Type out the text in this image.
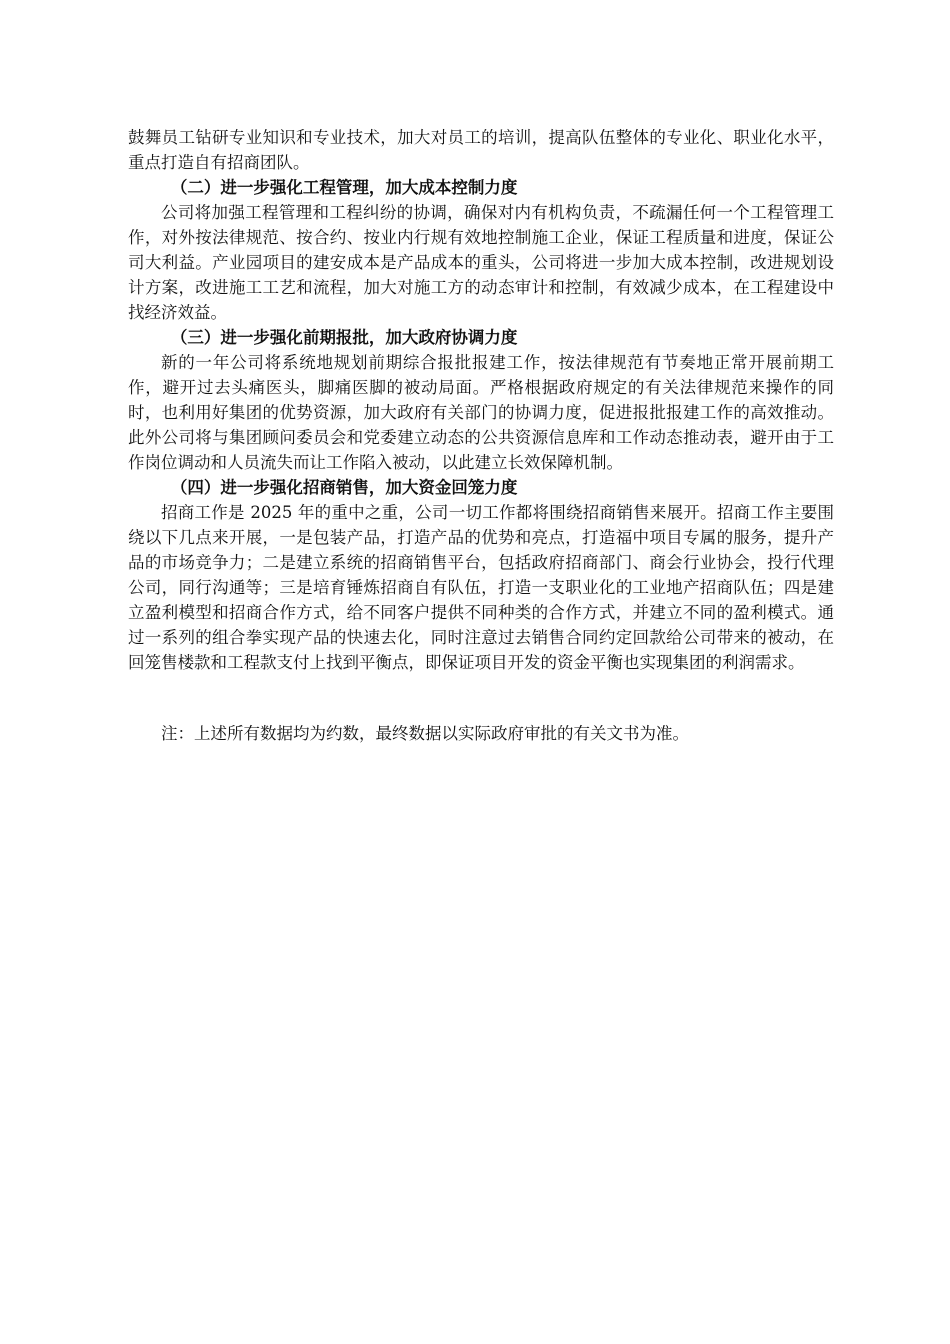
鼓舞员工钻研专业知识和专业技术，加大对员工的培训，提高队伍整体的专业化、职业化水平，重点打造自有招商团队。

（二）进一步强化工程管理，加大成本控制力度

公司将加强工程管理和工程纠纷的协调，确保对内有机构负责，不疏漏任何一个工程管理工作，对外按法律规范、按合约、按业内行规有效地控制施工企业，保证工程质量和进度，保证公司大利益。产业园项目的建安成本是产品成本的重头，公司将进一步加大成本控制，改进规划设计方案，改进施工工艺和流程，加大对施工方的动态审计和控制，有效减少成本，在工程建设中找经济效益。

（三）进一步强化前期报批，加大政府协调力度

新的一年公司将系统地规划前期综合报批报建工作，按法律规范有节奏地正常开展前期工作，避开过去头痛医头，脚痛医脚的被动局面。严格根据政府规定的有关法律规范来操作的同时，也利用好集团的优势资源，加大政府有关部门的协调力度，促进报批报建工作的高效推动。此外公司将与集团顾问委员会和党委建立动态的公共资源信息库和工作动态推动表，避开由于工作岗位调动和人员流失而让工作陷入被动，以此建立长效保障机制。

（四）进一步强化招商销售，加大资金回笼力度

招商工作是 2025 年的重中之重，公司一切工作都将围绕招商销售来展开。招商工作主要围绕以下几点来开展，一是包装产品，打造产品的优势和亮点，打造福中项目专属的服务，提升产品的市场竞争力；二是建立系统的招商销售平台，包括政府招商部门、商会行业协会，投行代理公司，同行沟通等；三是培育锤炼招商自有队伍，打造一支职业化的工业地产招商队伍；四是建立盈利模型和招商合作方式，给不同客户提供不同种类的合作方式，并建立不同的盈利模式。通过一系列的组合拳实现产品的快速去化，同时注意过去销售合同约定回款给公司带来的被动，在回笼售楼款和工程款支付上找到平衡点，即保证项目开发的资金平衡也实现集团的利润需求。

注：上述所有数据均为约数，最终数据以实际政府审批的有关文书为准。
